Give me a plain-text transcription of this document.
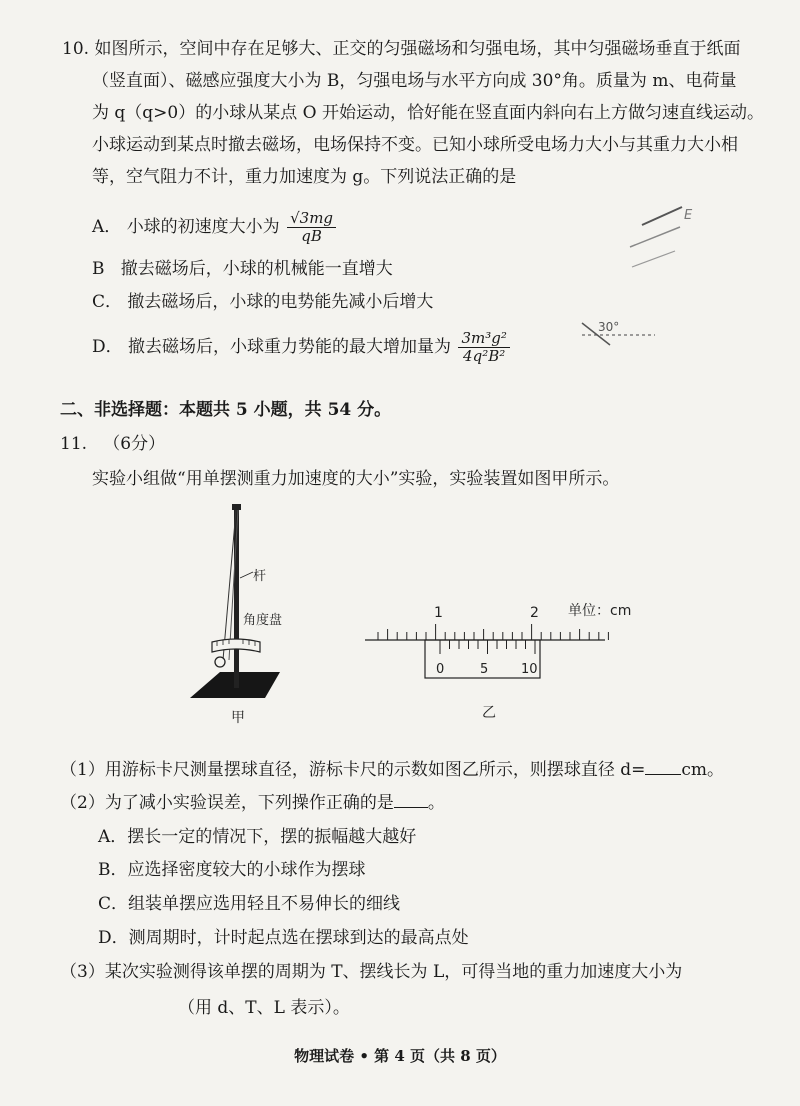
10. 如图所示，空间中存在足够大、正交的匀强磁场和匀强电场，其中匀强磁场垂直于纸面
（竖直面）、磁感应强度大小为 B，匀强电场与水平方向成 30°角。质量为 m、电荷量
为 q（q>0）的小球从某点 O 开始运动，恰好能在竖直面内斜向右上方做匀速直线运动。
小球运动到某点时撤去磁场，电场保持不变。已知小球所受电场力大小与其重力大小相
等，空气阻力不计，重力加速度为 g。下列说法正确的是
A． 小球的初速度大小为 $\frac{√3mg}{qB}$
B 撤去磁场后，小球的机械能一直增大
C． 撤去磁场后，小球的电势能先减小后增大
D． 撤去磁场后，小球重力势能的最大增加量为 $\frac{\text{3m³g²}}{\text{4q²B²}}$
E
30°
二、非选择题：本题共 5 小题，共 54 分。
11. （6分）
实验小组做“用单摆测重力加速度的大小”实验，实验装置如图甲所示。
杆
角度盘
甲
1	2 单位：cm
0	5	10
乙
（1）用游标卡尺测量摆球直径，游标卡尺的示数如图乙所示，则摆球直径 d= cm。
（2）为了减小实验误差，下列操作正确的是 。
A．摆长一定的情况下，摆的振幅越大越好
B．应选择密度较大的小球作为摆球
C．组装单摆应选用轻且不易伸长的细线
D．测周期时，计时起点选在摆球到达的最高点处
（3）某次实验测得该单摆的周期为 T、摆线长为 L，可得当地的重力加速度大小为
（用 d、T、L 表示）。
物理试卷 • 第 4 页（共 8 页）
